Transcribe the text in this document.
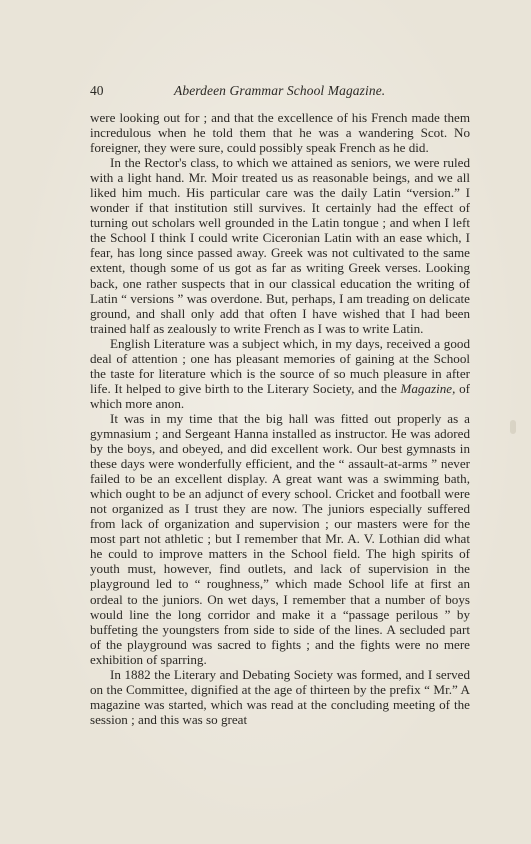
40	Aberdeen Grammar School Magazine.

were looking out for ; and that the excellence of his French made them incredulous when he told them that he was a wandering Scot. No foreigner, they were sure, could possibly speak French as he did.

In the Rector's class, to which we attained as seniors, we were ruled with a light hand. Mr. Moir treated us as reasonable beings, and we all liked him much. His particular care was the daily Latin “version.” I wonder if that institution still survives. It certainly had the effect of turning out scholars well grounded in the Latin tongue ; and when I left the School I think I could write Ciceronian Latin with an ease which, I fear, has long since passed away. Greek was not cultivated to the same extent, though some of us got as far as writing Greek verses. Looking back, one rather suspects that in our classical education the writing of Latin “ versions ” was overdone. But, perhaps, I am treading on delicate ground, and shall only add that often I have wished that I had been trained half as zealously to write French as I was to write Latin.

English Literature was a subject which, in my days, received a good deal of attention ; one has pleasant memories of gaining at the School the taste for literature which is the source of so much pleasure in after life. It helped to give birth to the Literary Society, and the Magazine, of which more anon.

It was in my time that the big hall was fitted out properly as a gymnasium ; and Sergeant Hanna installed as instructor. He was adored by the boys, and obeyed, and did excellent work. Our best gymnasts in these days were wonderfully efficient, and the “ assault-at-arms ” never failed to be an excellent display. A great want was a swimming bath, which ought to be an adjunct of every school. Cricket and football were not organized as I trust they are now. The juniors especially suffered from lack of organization and supervision ; our masters were for the most part not athletic ; but I remember that Mr. A. V. Lothian did what he could to improve matters in the School field. The high spirits of youth must, however, find outlets, and lack of supervision in the playground led to “ roughness,” which made School life at first an ordeal to the juniors. On wet days, I remember that a number of boys would line the long corridor and make it a “passage perilous ” by buffeting the youngsters from side to side of the lines. A secluded part of the playground was sacred to fights ; and the fights were no mere exhibition of sparring.

In 1882 the Literary and Debating Society was formed, and I served on the Committee, dignified at the age of thirteen by the prefix “ Mr.” A magazine was started, which was read at the concluding meeting of the session ; and this was so great
